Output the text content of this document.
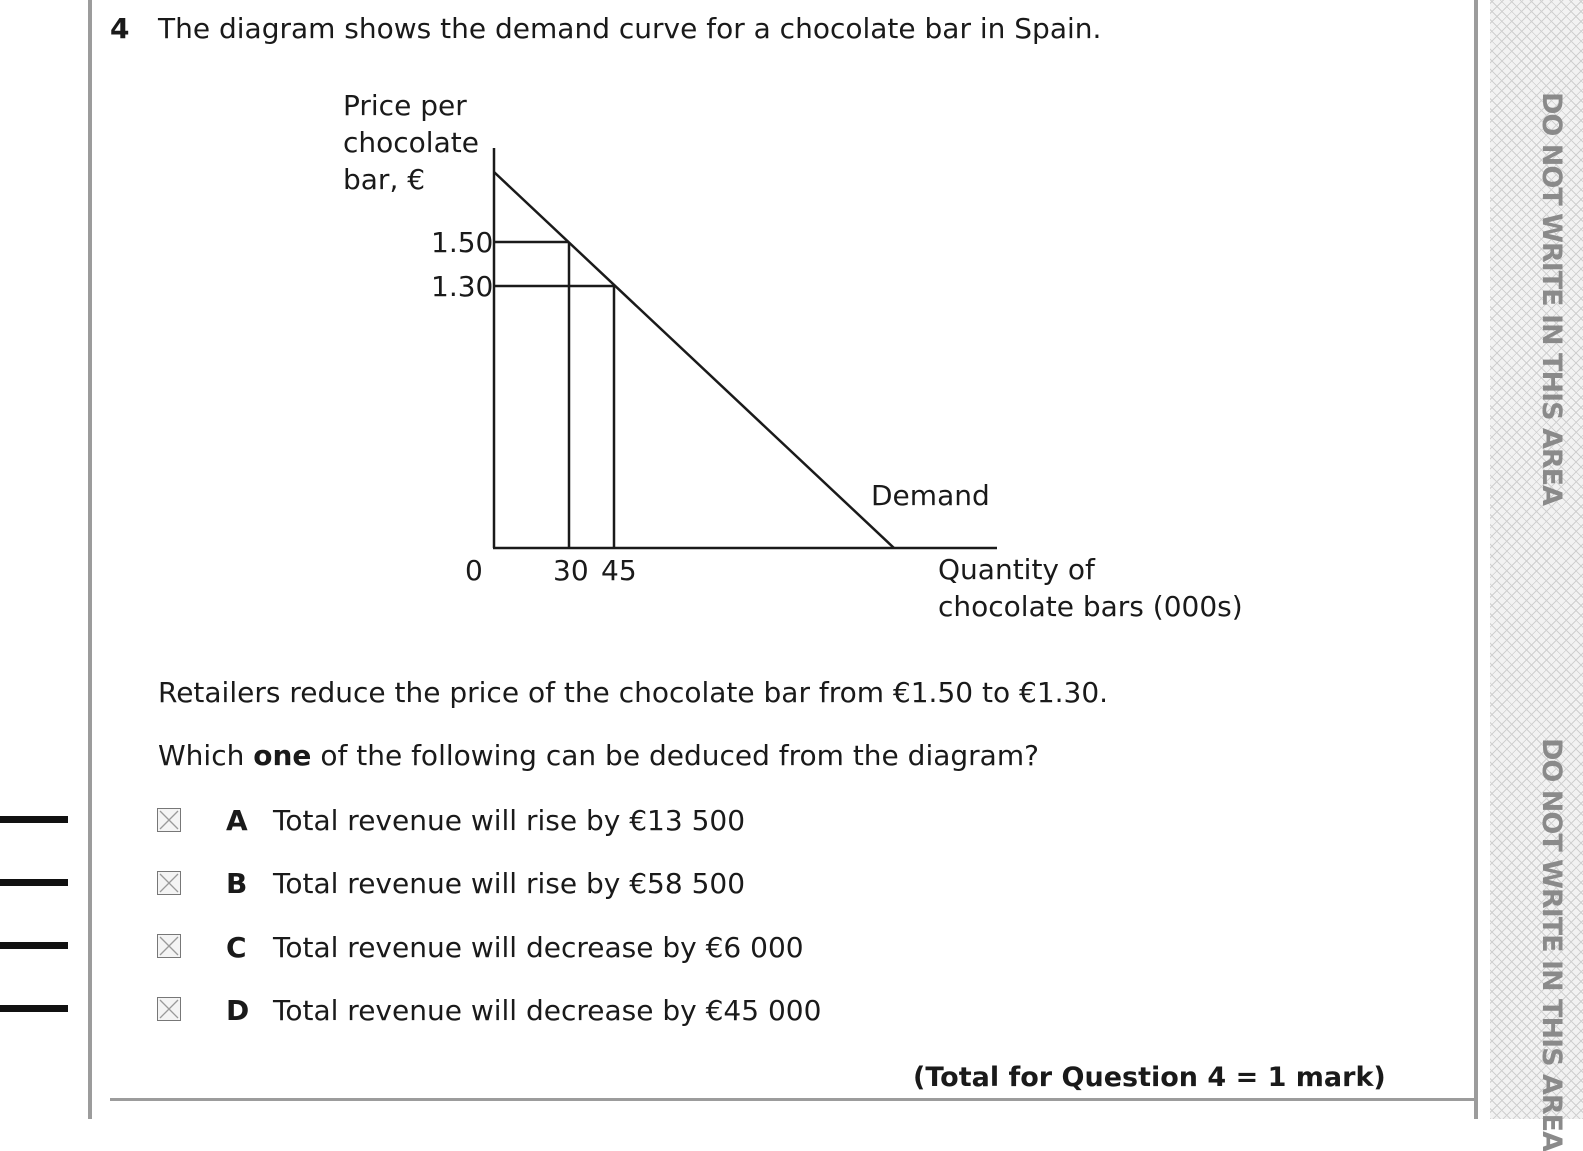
DO NOT WRITE IN THIS AREA
DO NOT WRITE IN THIS AREA
4 The diagram shows the demand curve for a chocolate bar in Spain.
Price per
chocolate
bar, €
Quantity of
chocolate bars (000s)
0
1.50
1.30
30 45
Demand
Retailers reduce the price of the chocolate bar from €1.50 to €1.30.
Which one of the following can be deduced from the diagram?
A Total revenue will rise by €13 500
B Total revenue will rise by €58 500
C Total revenue will decrease by €6 000
D Total revenue will decrease by €45 000
(Total for Question 4 = 1 mark)
